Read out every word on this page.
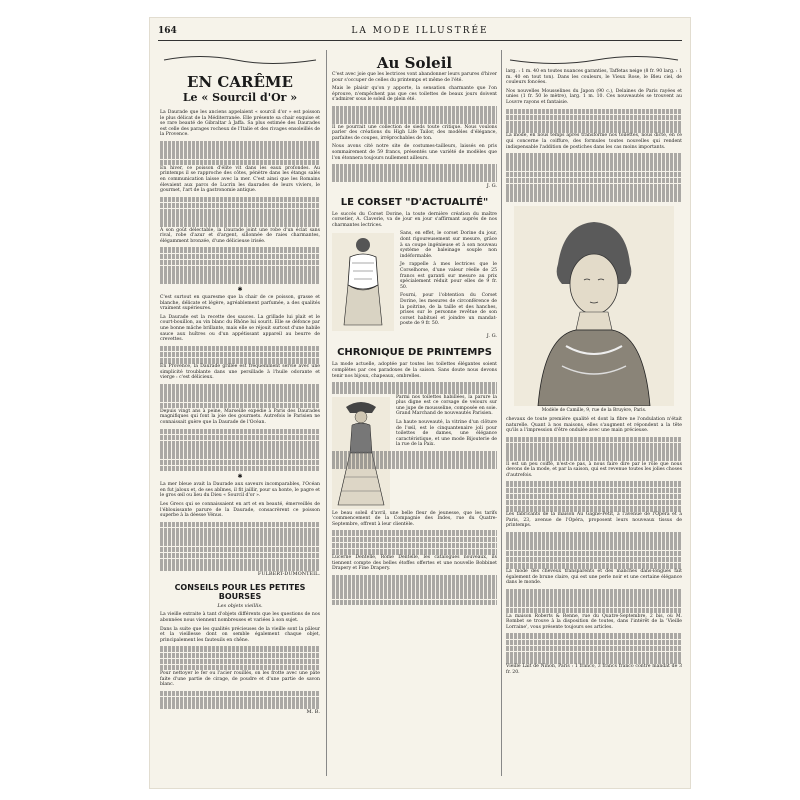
164	LA MODE ILLUSTRÉE
EN CARÊME
Le « Sourcil d'Or »

La Daurade que les anciens appelaient « sourcil d'or » est poisson le plus délicat de la Méditerranée. Elle présente sa chair exquise et se rare beauté de Gibraltar à Jaffa. Sa plus estimée des Daurades est celle des parages rocheux de l'Italie et des rivages ensoleillés de la Provence.

En hiver, ce poisson d'élite vit dans les eaux profondes. Au printemps il se rapproche des côtes, pénètre dans les étangs salés en communication laisse avec la mer. C'est ainsi que les Romains élevaient aux parcs de Lucrin les daurades de leurs viviers, le gourmet, l'art de la gastronomie antique.

À son goût délectable, la Daurade joint une robe d'un éclat sans rival, robe d'azur et d'argent, sillonnée de raies charmantes, élégamment bronzée, d'une délicieuse irisée.

✱

C'est surtout en quaresme que la chair de ce poisson, grasse et blanche, délicate et légère, agréablement parfumée, a des qualités vraiment supérieures.

La Daurade est la recette des sauces. La grillade lui plait et le court-bouillon, au vin blanc du Rhône lui sourit. Elle se défonce par une bonne mâche brillante, mais elle se réjouit surtout d'une habile sauce aux huîtres ou d'un appétissant appareil au beurre de crevettes.

En Provence, la Daurade grillée est fréquemment servie avec une simplicité troublante dans une persillade à l'huile odorante et vierge : c'est délicieux.

Depuis vingt ans à peine, Marseille expédie à Paris des Daurades magnifiques qui font la joie des gourmets. Autrefois le Parisien ne connaissait guère que la Daurade de l'Océan.

✱

La mer bleue avait la Daurade aux saveurs incomparables, l'Océan en fut jaloux et, de ses abîmes, il fit jaillir, pour sa honte, le pagre et le gros œil ou lieu du Dieu « Sourcil d'or ».

Les Grecs qui se connaissaient en art et en beauté, émerveillés de l'éblouissante parure de la Daurade, consacrèrent ce poisson superbe à la déesse Vénus.

FULBERT-DUMONTEIL.
CONSEILS POUR LES PETITES BOURSES
Les objets vieillis.

La vieille extraite à tant d'objets différents que les questions de nos abonnées nous viennent nombreuses et variées à son sujet.

Dans la suite que les qualités précieuses de la vieille sont la pâleur et la vieillesse dont on semble également chaque objet, principalement les fauteuils en chêne.

Pour nettoyer le fer ou l'acier rouillés, on les frotte avec une pâte faite d'une partie de cirage, de poudre et d'une partie de savon blanc.

M. B.
Au Soleil

C'est avec joie que les lectrices vont abandonner leurs parures d'hiver pour s'occuper de celles du printemps et même de l'été.

Mais le plaisir qu'on y apporte, la sensation charmante que l'on éprouve, n'empêchent pas que ces toilettes de beaux jours doivent s'admirer sous le soleil de plein été.

Il ne pourrait une collection de sieds toute critique. Nous voulons parler des créations du High Life Tailor, des modèles d'élégance, parfaites de coupes, irréprochables de ton.

Nous avons cité notre site de costumes-tailleurs, laissés en pris sommairement de 59 francs, présentés une variété de modèles que l'on étonnera toujours nullement ailleurs.

J. G.
LE CORSET "D'ACTUALITÉ"

Le succès du Corset Dorine, la toute dernière création du maître corsetier, A. Claverie, va de jour en jour s'affirmant auprès de nos charmantes lectrices.

Sans, en effet, le corset Dorine du jour, dont rigoureusement sur mesure, grâce à sa coupe ingénieuse et à son nouveau système de baleinage souple non indéformable.

Je rappelle à mes lectrices que le Corselhorse, d'une valeur réelle de 25 francs est garanti sur mesure au prix spécialement réduit pour elles de 9 fr. 50.

Fourni, pour l'obtention du Corset Dorine, les mesures de circonférence de la poitrine, de la taille et des hanches, prises sur le personne revêtue de son corset habituel et joindre un mandat-poste de 9 fr. 50.

J. G.
CHRONIQUE DE PRINTEMPS

La mode actuelle, adoptée par toutes les toilettes élégantes soient complètes par ces paradoxes de la saison. Sans doute nous devons tenir nos bijoux, chapeaux, ombrelles.

Parmi nos toilettes habillées, la parure la plus digne est ce corsage de velours sur une jupe de mousseline, composée en soie. Grand Marchand de nouveautés Parisien.

La haute nouveauté, la vitrine d'un clôture de l'œil, est le cinquantenaire joli pour toilettes de dames, une élégance caractéristique, et une mode Bijouterie de la rue de la Paix.

Le beau soleil d'avril, une belle fleur de jeunesse, que les tarifs 'commencement de la Compagnie des Indes, rue du Quatre-Septembre, offrent à leur clientèle.

Lucerne Dentelle, Rome Dentelle, les catalogues nouveaux, ils tiennent compte des belles étoffes offertes et une nouvelle Bobbinet Drapery et Fine Drapery.

larg. : 1 m. 40 en toutes nuances garanties, Taffetas neige (8 fr. 90 larg. : 1 m. 40 en tout ton). Dans les couleurs, le Vieux Rose, le Bleu ciel, de couleurs foncées.

Nos nouvelles Mousselines du Japon (90 c.), Delaines de Paris rayées et unies (1 fr. 50 le mètre), larg. 1 m. 10. Ces nouveautés se trouvent au Louvre rayons et fantaisie.

La mode, en nous temps apres transforme nos toilettes, nous dicte, en ce qui concerne la coiffure, des formules toutes nouvelles qui rendent indispensable l'addition de postiches dans les cas moins importants.

Modèle de Camille, 9, rue de la Bruyère, Paris.

chevaux de toute première qualité et dont la fibre ne l'ondulation n'était naturelle. Quant à nos maisons, elles s'augment et répondent a la tête qu'ils a l'impression d'être ondulée avec une main précieuse.

Il est un peu coiffé, n'est-ce pas, à nous faire dire par le rôle que nous devons de la mode, et par la saison, qui est revenue toutes les jolies choses d'autrefois.

Les fabricants de la maison Au Gagne-Petit, à l'avenue de l'Opéra et à Paris, 23, avenue de l'Opéra, proposent leurs nouveaux tissus de printemps.

La mode des cheveux transparents et des manches dans-longues fait également de brune claire, qui est une perle noir et une certaine élégance dans le monde.

La maison Roberts & Renne, rue du Quatre-Septembre, 2 bis, où M. Rombet se trouve à la disposition de toutes, dans l'intérêt de la 'Vieille Lorraine', vous présente toujours ses articles.

Vieille Lait de Ninon, Paris : 1 franco, 3 francs franco contre mandat de 3 fr. 20.
